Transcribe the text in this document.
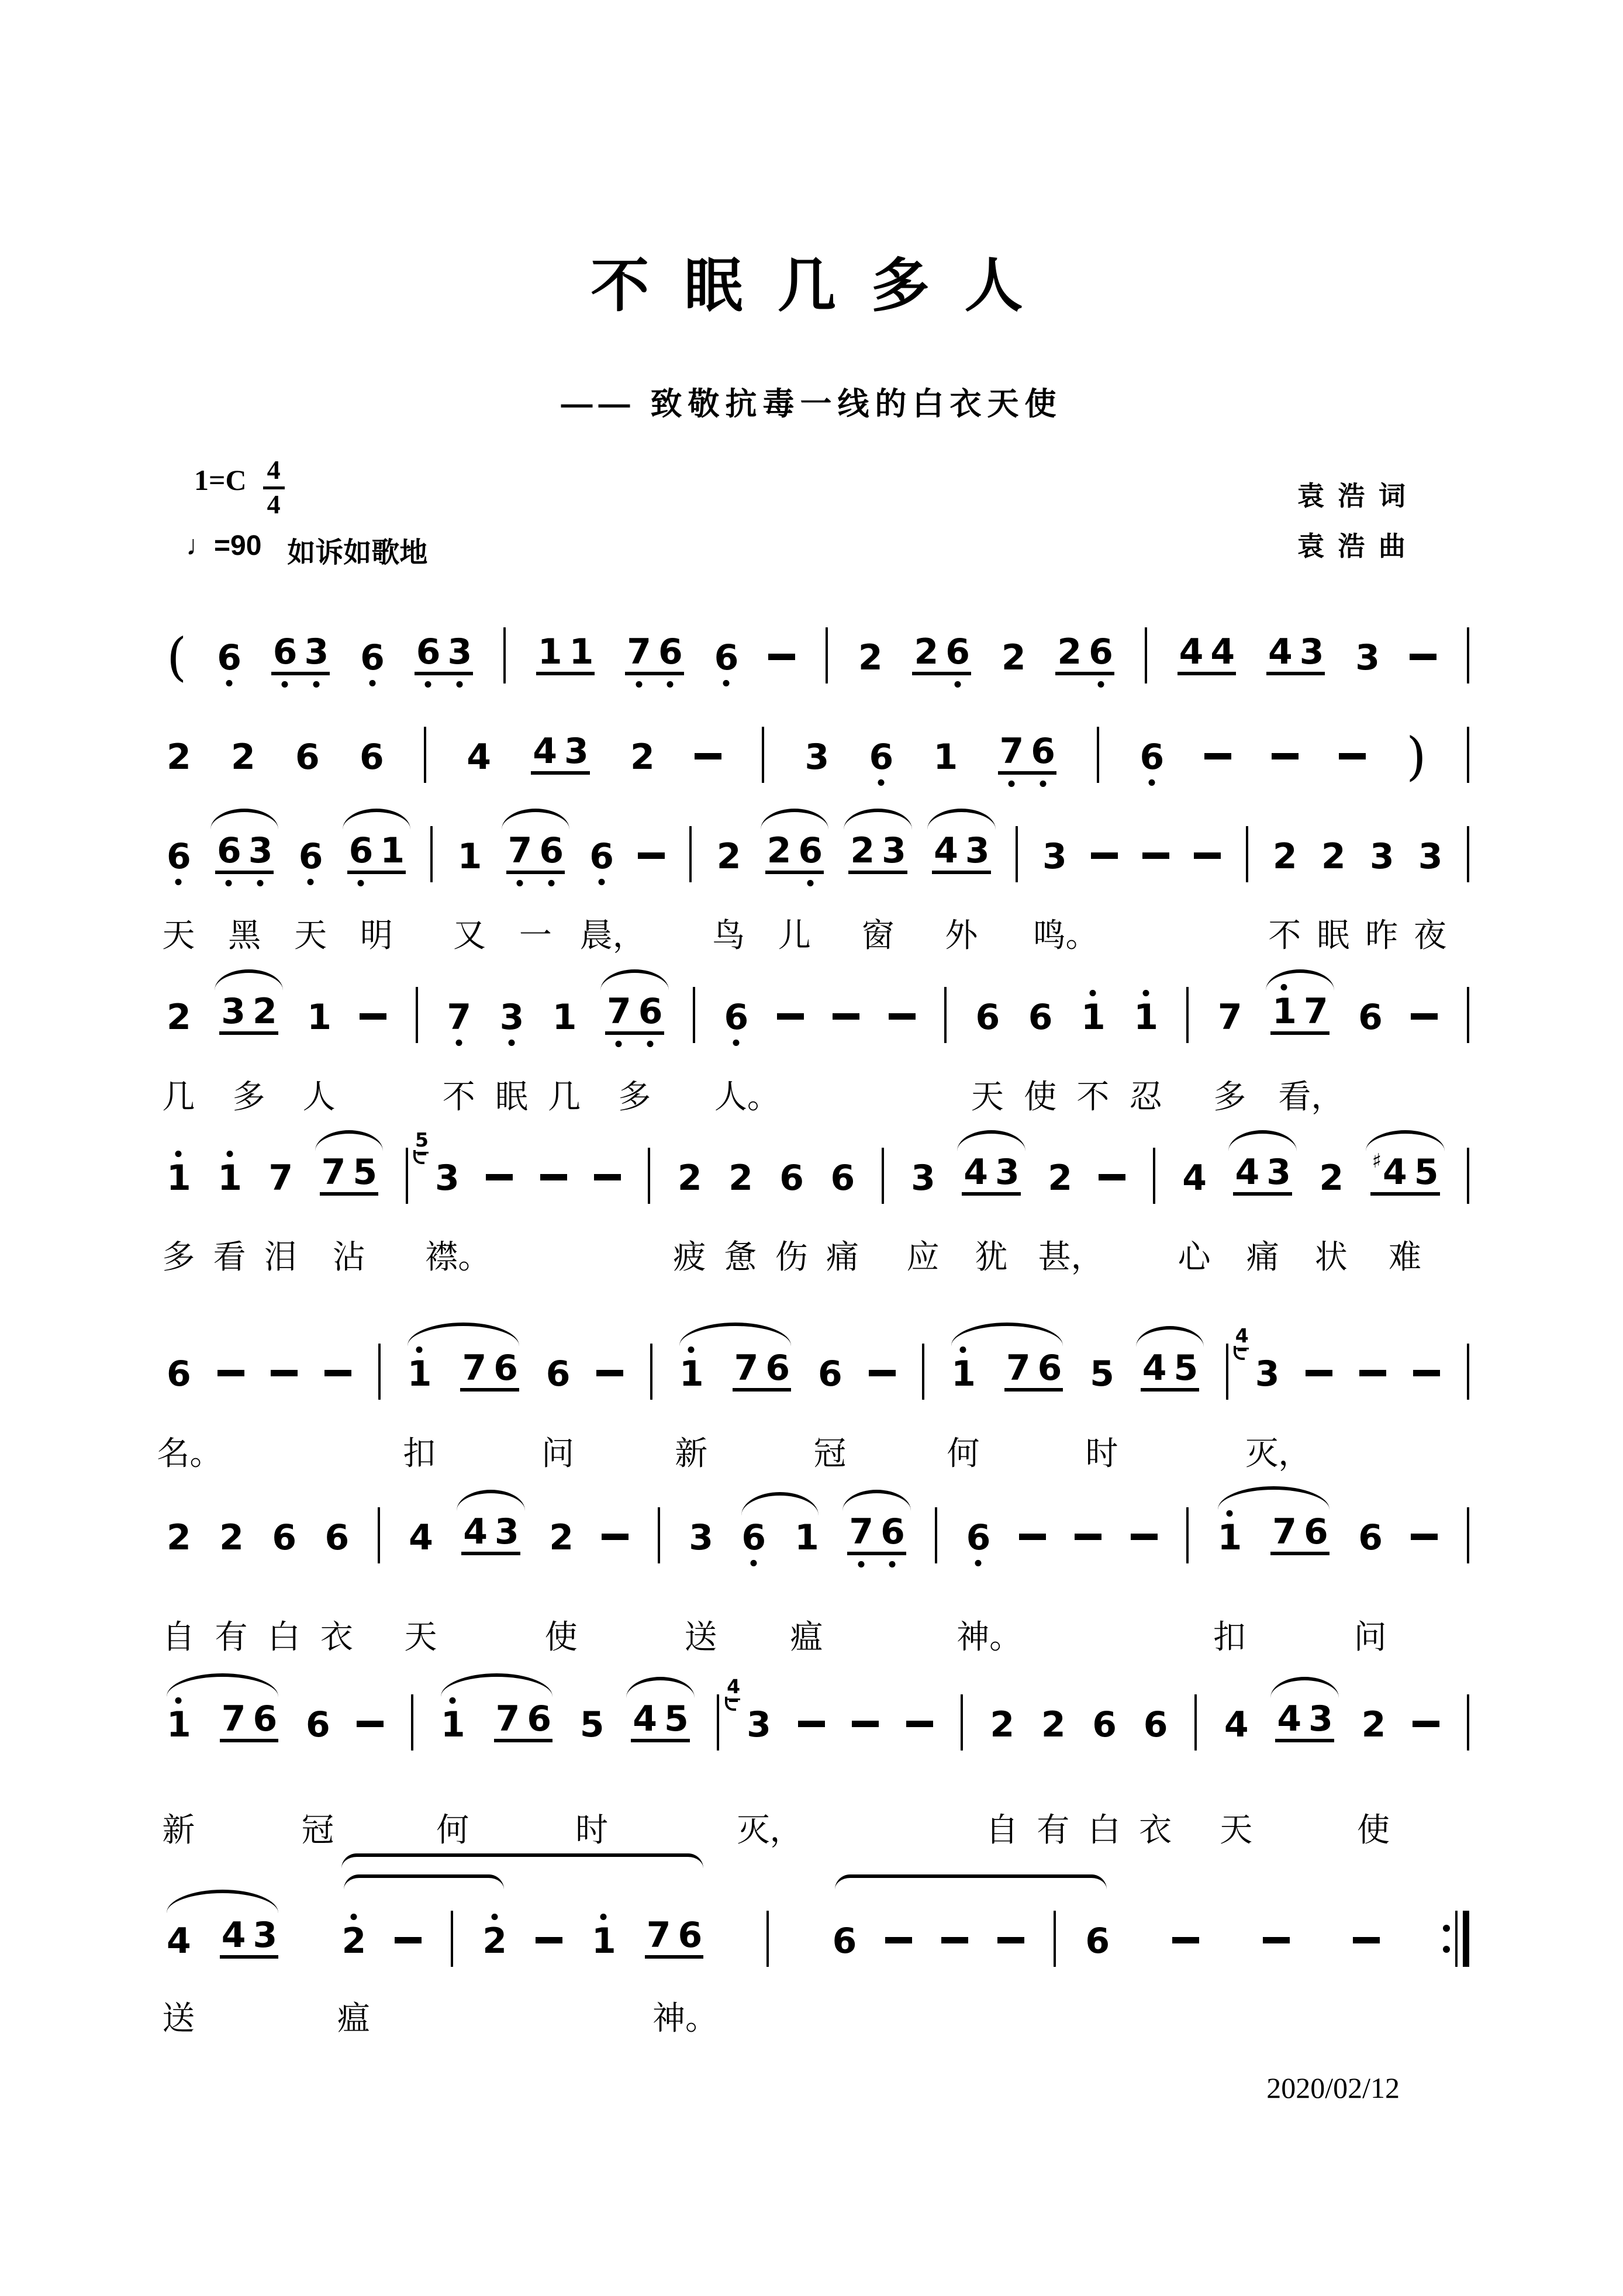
不 眠 几 多 人
—— 致敬抗毒一线的白衣天使
$1=C \frac{4}{4}$
♩=90 如诉如歌地
袁 浩 词
袁 浩 曲
2020/02/12
( 6 6 3 6 6 3 1 1 7 6 6	2 2 6 2 2 6 4 4 4 3 3
2 2 6 6 4 4 3 2	3 6 1 7 6 6	)
6 6 3 6 6 1 1 7 6 6	2 2 6 2 3 4 3 3	2 2 3 3
2 3 2 1	7 3 1 7 6 6	6 6 1 1 7 1 7 6
1 1 7 7 5
5
3	2 2 6 6 3 4 3 2	4 4 3 2 ♯ 4 5
6	1 7 6 6	1 7 6 6	1 7 6 5 4 5
4
3
2 2 6 6 4 4 3 2	3 6 1 7 6 6	1 7 6 6
1 7 6 6	1 7 6 5 4 5
4
3	2 2 6 6 4 4 3 2
4 4 3 2	2 1 7 6	6	6
天 黑 天 明 又 一 晨， 鸟 儿 窗 外 鸣。	不 眠 昨 夜
几 多 人	不 眠 几 多 人。	天 使 不 忍 多 看，
多 看 泪 沾 襟。	疲 惫 伤 痛 应 犹 甚， 心 痛 状 难
名。	扣	问	新	冠	何	时	灭，
自 有 白 衣 天	使	送 瘟	神。	扣	问
新	冠	何	时	灭，	自 有 白 衣 天	使
送	瘟	神。
